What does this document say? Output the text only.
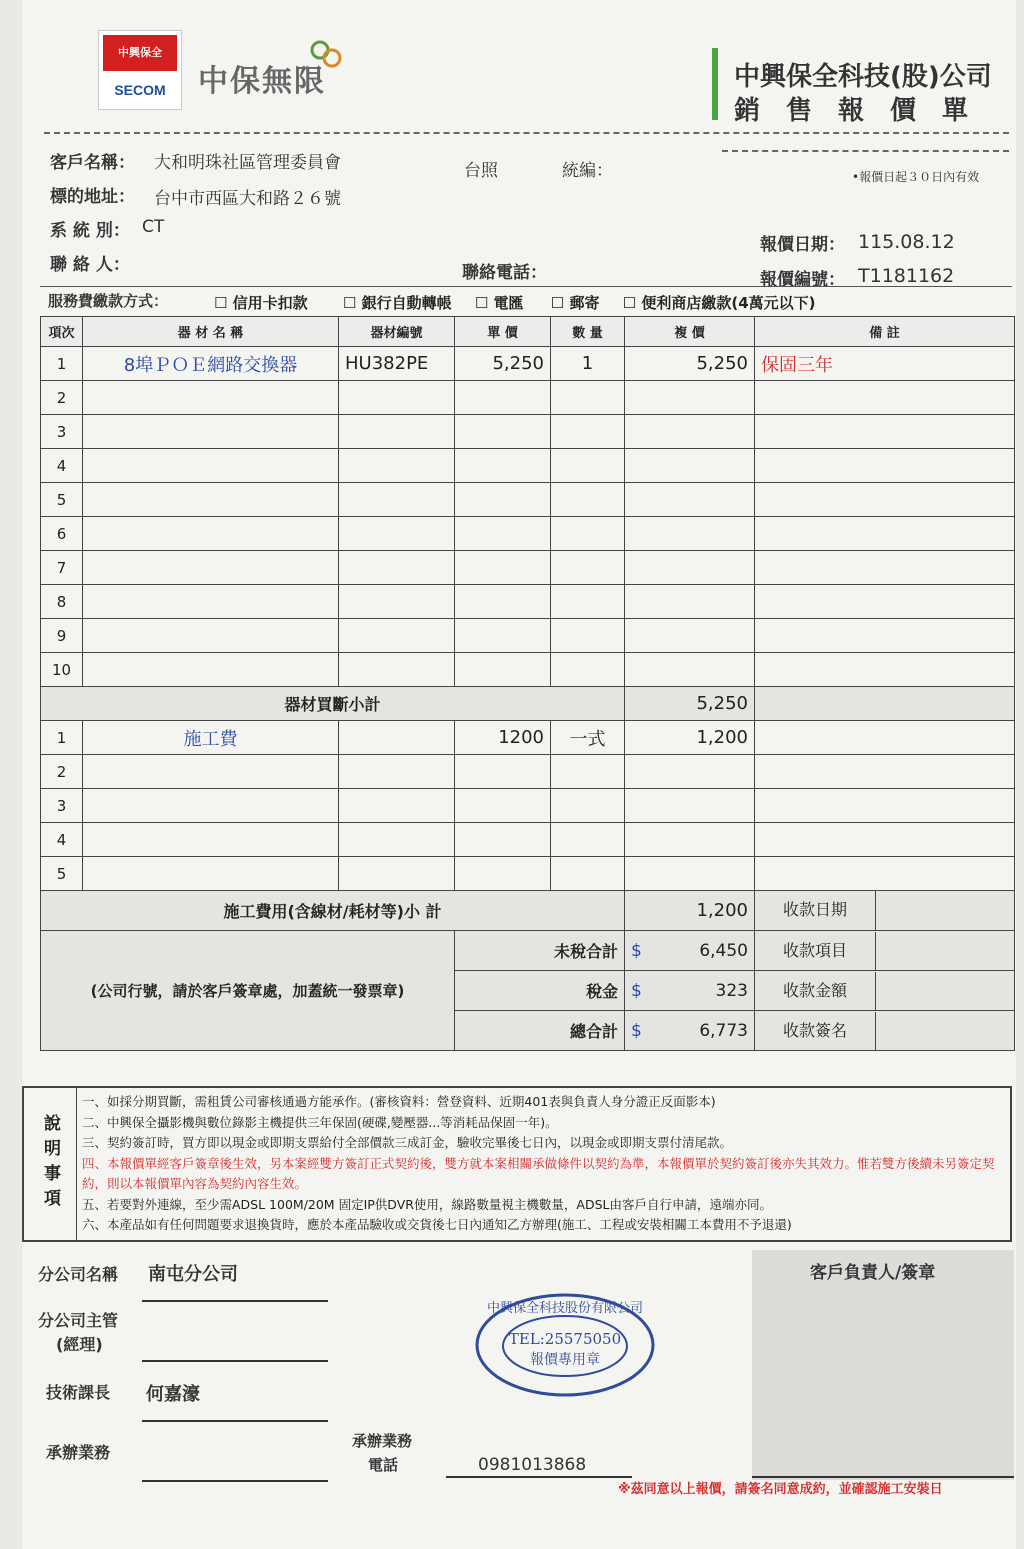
中興保全
SECOM	中保無限	中興保全科技(股)公司
銷售報價單
客戶名稱： 大和明珠社區管理委員會	台照	統編：	•報價日起３０日內有效
標的地址： 台中市西區大和路２６號
系 統 別： CT
報價日期： 115.08.12
聯 絡 人：	聯絡電話：	報價編號： T1181162
服務費繳款方式：	☐ 信用卡扣款 ☐ 銀行自動轉帳 ☐ 電匯 ☐ 郵寄 ☐ 便利商店繳款(4萬元以下)
項次	器 材 名 稱	器材編號	單 價	數 量	複 價	備 註
1	8埠ＰＯＥ網路交換器	HU382PE	5,250	1	5,250	保固三年
2						
3						
4						
5						
6						
7						
8						
9						
10						
器材買斷小計					5,250	
1	施工費		1200	一式	1,200	
2						
3						
4						
5						
施工費用(含線材/耗材等)小 計					1,200	收款日期

(公司行號，請於客戶簽章處，加蓋統一發票章)			未稅合計		$ 6,450	收款項目

			稅金		$ 323	收款金額

			總合計		$ 6,773	收款簽名
說明事項
一、如採分期買斷，需租賃公司審核通過方能承作。(審核資料：營登資料、近期401表與負責人身分證正反面影本)
二、中興保全攝影機與數位錄影主機提供三年保固(硬碟,變壓器...等消耗品保固一年)。
三、契約簽訂時，買方即以現金或即期支票給付全部價款三成訂金，驗收完畢後七日內，以現金或即期支票付清尾款。
四、本報價單經客戶簽章後生效，另本案經雙方簽訂正式契約後，雙方就本案相關承做條件以契約為準，本報價單於契約簽訂後亦失其效力。惟若雙方後續未另簽定契約，則以本報價單內容為契約內容生效。
五、若要對外連線，至少需ADSL 100M/20M 固定IP供DVR使用，線路數量視主機數量，ADSL由客戶自行申請，遠端亦同。
六、本產品如有任何問題要求退換貨時，應於本產品驗收或交貨後七日內通知乙方辦理(施工、工程或安裝相關工本費用不予退還)
分公司名稱 南屯分公司
分公司主管
(經理)
技術課長 何嘉濠
承辦業務
承辦業務
電話	0981013868
客戶負責人/簽章
中興保全科技股份有限公司
TEL:25575050
報價專用章
※茲同意以上報價，請簽名同意成約，並確認施工安裝日
